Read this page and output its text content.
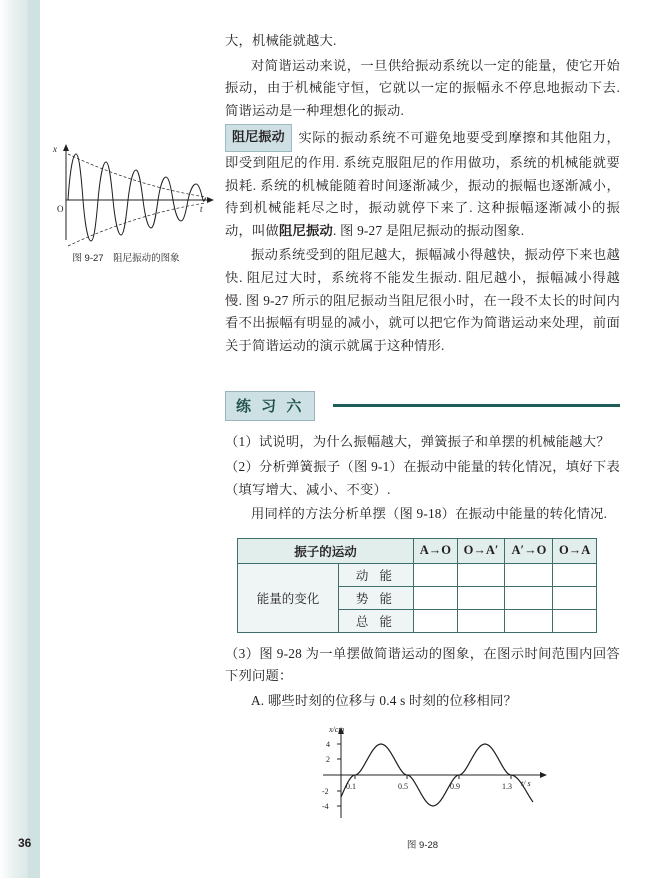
36
x
O	t
图 9-27　阻尼振动的图象

大，机械能就越大.

对简谐运动来说，一旦供给振动系统以一定的能量，使它开始振动，由于机械能守恒，它就以一定的振幅永不停息地振动下去. 简谐运动是一种理想化的振动.

阻尼振动 实际的振动系统不可避免地要受到摩擦和其他阻力，即受到阻尼的作用. 系统克服阻尼的作用做功，系统的机械能就要损耗. 系统的机械能随着时间逐渐减少，振动的振幅也逐渐减小，待到机械能耗尽之时，振动就停下来了. 这种振幅逐渐减小的振动，叫做阻尼振动. 图 9-27 是阻尼振动的振动图象.

振动系统受到的阻尼越大，振幅减小得越快，振动停下来也越快. 阻尼过大时，系统将不能发生振动. 阻尼越小，振幅减小得越慢. 图 9-27 所示的阻尼振动当阻尼很小时，在一段不太长的时间内看不出振幅有明显的减小，就可以把它作为简谐运动来处理，前面关于简谐运动的演示就属于这种情形.

练 习 六

（1）试说明，为什么振幅越大，弹簧振子和单摆的机械能越大？

（2）分析弹簧振子（图 9-1）在振动中能量的转化情况，填好下表（填写增大、减小、不变）.

用同样的方法分析单摆（图 9-18）在振动中能量的转化情况.

振子的运动		A→O	O→A′	A′→O	O→A
能量的变化	动 能				
	势 能				
	总 能				

（3）图 9-28 为一单摆做简谐运动的图象，在图示时间范围内回答下列问题：

A. 哪些时刻的位移与 0.4 s 时刻的位移相同？

4
2
-2
-4
x/cm
0.1	0.5	0.9	1.3 t/ s
图 9-28
